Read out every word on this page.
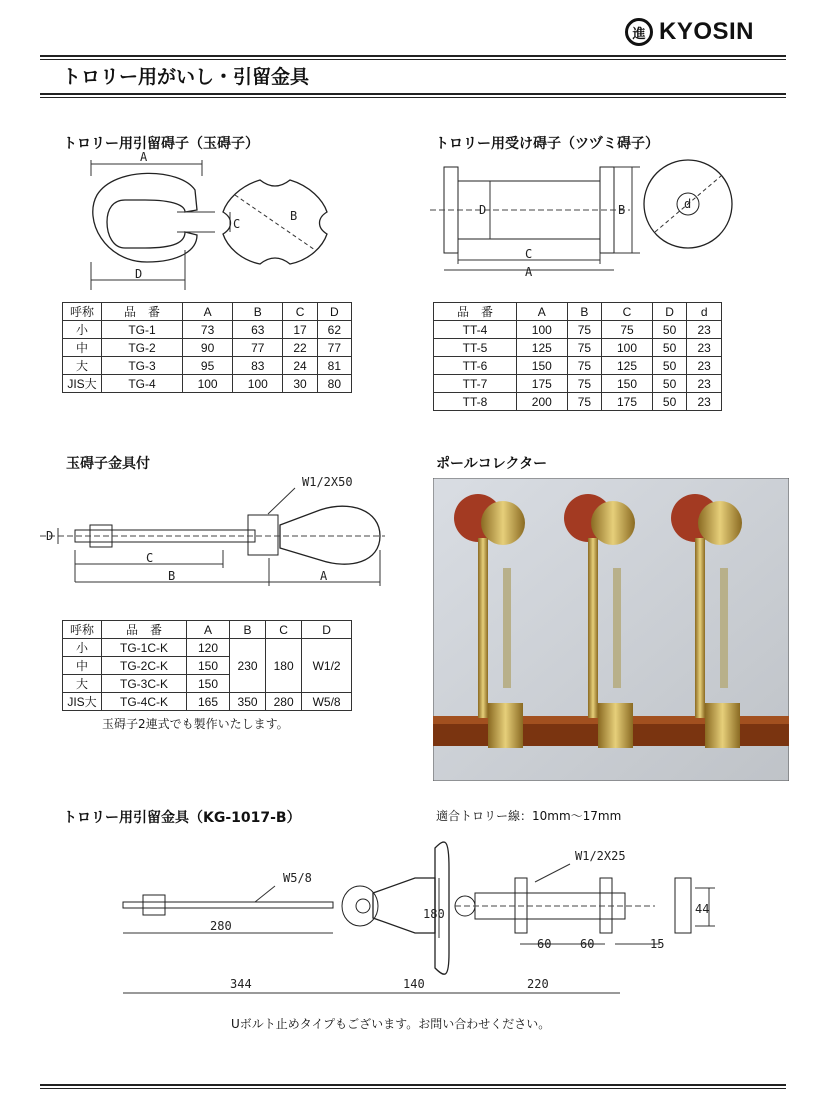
進 KYOSIN
トロリー用がいし・引留金具
トロリー用引留碍子（玉碍子）	トロリー用受け碍子（ツヅミ碍子）
玉碍子金具付	ポールコレクター
トロリー用引留金具（KG-1017-B）
A
C
D
B	D	B
C
A
d
呼称	品　番	A	B	C	D
小	TG-1	73	63	17	62
中	TG-2	90	77	22	77
大	TG-3	95	83	24	81
JIS大	TG-4	100	100	30	80
品　番	A	B	C	D	d
TT-4	100	75	75	50	23
TT-5	125	75	100	50	23
TT-6	150	75	125	50	23
TT-7	175	75	150	50	23
TT-8	200	75	175	50	23
W1/2X50
D
C
B	A
呼称	品　番	A	B	C	D
小	TG-1C-K	120	230	180	W1/2
中	TG-2C-K	150			
大	TG-3C-K	150			
JIS大	TG-4C-K	165	350	280	W5/8
玉碍子2連式でも製作いたします。
適合トロリー線：10mm～17mm
W5/8
W1/2X25
44
180
280
60 60	15
344	140	220
Uボルト止めタイプもございます。お問い合わせください。
